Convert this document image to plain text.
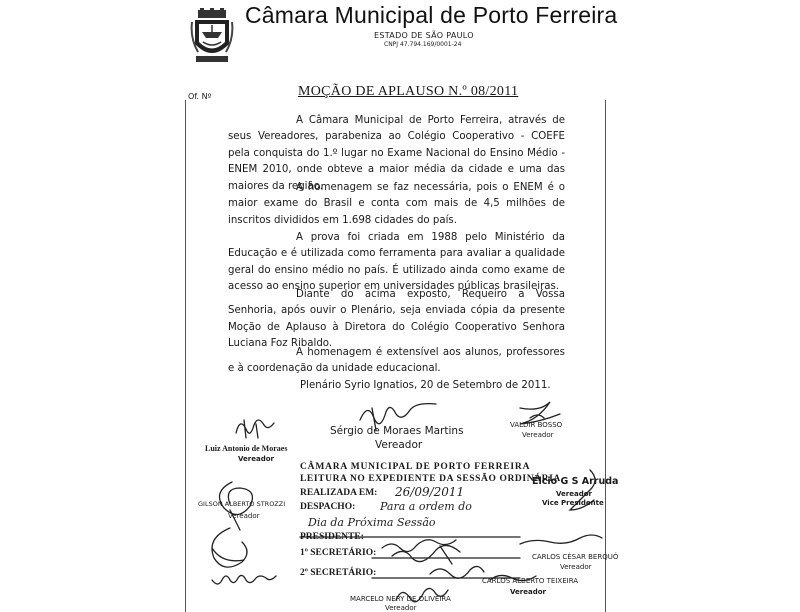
Câmara Municipal de Porto Ferreira
ESTADO DE SÃO PAULO
CNPJ 47.794.169/0001-24
Of. Nº	MOÇÃO DE APLAUSO N.º 08/2011

A Câmara Municipal de Porto Ferreira, através de seus Vereadores, parabeniza ao Colégio Cooperativo - COEFE pela conquista do 1.º lugar no Exame Nacional do Ensino Médio - ENEM 2010, onde obteve a maior média da cidade e uma das maiores da região.

A homenagem se faz necessária, pois o ENEM é o maior exame do Brasil e conta com mais de 4,5 milhões de inscritos divididos em 1.698 cidades do país.

A prova foi criada em 1988 pelo Ministério da Educação e é utilizada como ferramenta para avaliar a qualidade geral do ensino médio no país. É utilizado ainda como exame de acesso ao ensino superior em universidades públicas brasileiras.

Diante do acima exposto, Requeiro a Vossa Senhoria, após ouvir o Plenário, seja enviada cópia da presente Moção de Aplauso à Diretora do Colégio Cooperativo Senhora Luciana Foz Ribaldo.

A homenagem é extensível aos alunos, professores e à coordenação da unidade educacional.

Plenário Syrio Ignatios, 20 de Setembro de 2011.
Sérgio de Moraes Martins
Vereador
Luiz Antonio de Moraes
Vereador
VALDIR BOSSO
Vereador
GILSON ALBERTO STROZZI
Vereador
Élcio G S Arruda
Vereador
Vice Presidente
CARLOS CÉSAR BERQUÓ
Vereador
CARLOS ALBERTO TEIXEIRA
Vereador
MARCELO NERY DE OLIVEIRA
Vereador
CÂMARA MUNICIPAL DE PORTO FERREIRA
LEITURA NO EXPEDIENTE DA SESSÃO ORDINÁRIA
REALIZADA EM: 26/09/2011
DESPACHO: Para a ordem do
Dia da Próxima Sessão
PRESIDENTE:
1º SECRETÁRIO:
2º SECRETÁRIO:
